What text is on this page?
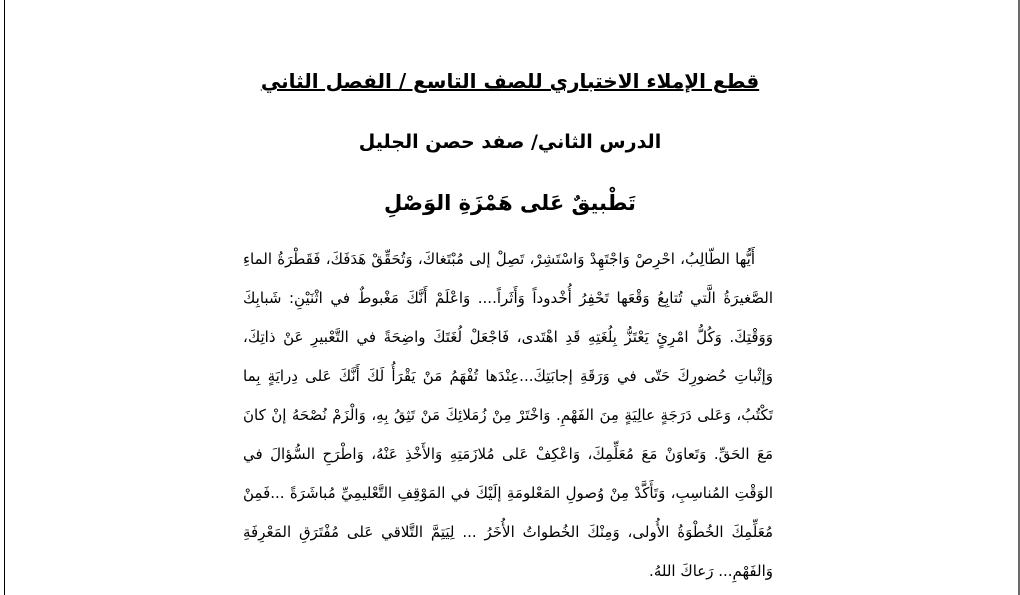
قطع الإملاء الاختباري للصف التاسع / الفصل الثاني
الدرس الثاني/ صفد حصن الجليل
تَطْبيقٌ عَلى هَمْزَةِ الوَصْلِ

أَيُّها الطّالِبُ، احْرِصْ وَاجْتَهِدْ وَاسْتَشِرْ، تَصِلْ إلى مُبْتَغاكَ، وَتُحَقِّقْ هَدَفَكَ، فَقَطْرَةُ الماءِ الصَّغيرَةُ الَّتي تُتابِعُ وَقْعَها تَحْفِرُ أُخْدوداً وَأَثَراً.... وَاعْلَمْ أَنَّكَ مَغْبوطٌ في اثْنَيْنِ: شَبابِكَ وَوَقْتِكَ. وَكُلُّ امْرِئٍ يَعْتَزُّ بِلُغَتِهِ قَدِ اهْتَدى، فَاجْعَلْ لُغَتَكَ واضِحَةً في التَّعْبيرِ عَنْ ذاتِكَ، وَإثْباتِ حُضورِكَ حَتّى في وَرَقَةِ إجابَتِكَ...عِنْدَها تُفْهَمُ مَنْ يَقْرَأُ لَكَ أَنَّكَ عَلى دِرايَةٍ بِما تَكْتُبُ، وَعَلى دَرَجَةٍ عالِيَةٍ مِنَ الفَهْمِ. وَاخْتَرْ مِنْ زُمَلائِكَ مَنْ تَثِقُ بِهِ، وَالْزَمْ نُصْحَهُ إنْ كانَ مَعَ الحَقِّ. وَتَعاوَنْ مَعَ مُعَلِّمِكَ، وَاعْكِفْ عَلى مُلازَمَتِهِ وَالأَخْذِ عَنْهُ، وَاطْرَحِ السُّؤالَ في الوَقْتِ المُناسِبِ، وَتَأَكَّدْ مِنْ وُصولِ المَعْلومَةِ إلَيْكَ في المَوْقِفِ التَّعْليمِيِّ مُباشَرَةً ...فَمِنْ مُعَلِّمِكَ الخُطْوَةُ الأُولى، وَمِنْكَ الخُطواتُ الأُخَرُ ... لِيَتِمَّ التَّلاقي عَلى مُفْتَرَقِ المَعْرِفَةِ وَالفَهْمِ... رَعاكَ اللهُ.
